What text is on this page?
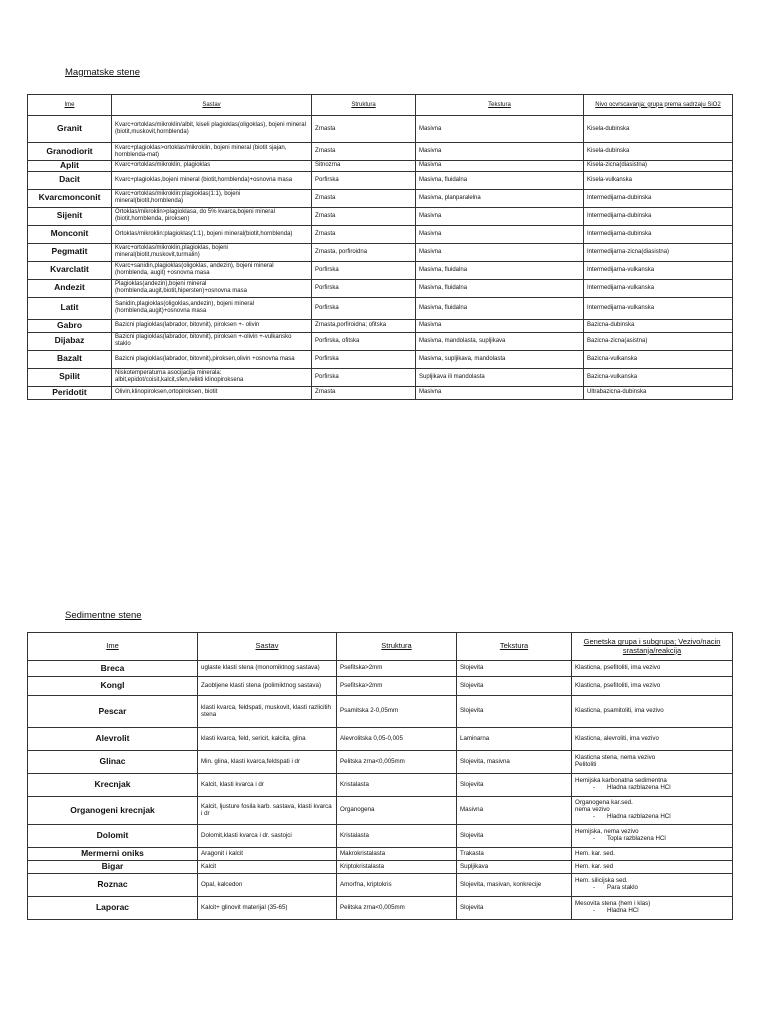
Magmatske stene
Ime	Sastav	Struktura	Tekstura	Nivo ocvrscavanja; grupa prema sadrzaju SiO2
Granit	Kvarc+ortoklas/mikroklin/albit, kiseli plagioklas(oligoklas), bojeni mineral (biotit,muskovit,hornblenda)	Zrnasta	Masivna	Kisela-dubinska
Granodiorit	Kvarc+plagioklas>ortoklas/mikroklin, bojeni mineral (biotit sjajan, hornblenda-mat)	Zrnasta	Masivna	Kisela-dubinska
Aplit	Kvarc+ortoklas/mikroklin, plagioklas	Sitnozrna	Masivna	Kisela-zicna(diasistna)
Dacit	Kvarc+plagioklas,bojeni mineral (biotit,hornblenda)+osnovna masa	Porfirska	Masivna, fluidalna	Kisela-vulkanska
Kvarcmonconit	Kvarc+ortoklas/mikroklin:plagioklas(1:1), bojeni mineral(biotit,hornblenda)	Zrnasta	Masivna, planparalelna	Intermedijarna-dubinska
Sijenit	Ortoklas/mikroklin>plagioklasa, do 5% kvarca,bojeni mineral (biotit,hornblenda, piroksen)	Zrnasta	Masivna	Intermedijarna-dubinska
Monconit	Ortoklas/mikroklin:plagioklas(1:1), bojeni mineral(biotit,hornblenda)	Zrnasta	Masivna	Intermedijarna-dubinska
Pegmatit	Kvarc+ortoklas/mikroklin,plagioklas, bojeni mineral(biotit,muskovit,turmalin)	Zrnasta, porfiroidna	Masivna	Intermedijarna-zicna(diasistna)
Kvarclatit	Kvarc+sanidin,plagioklas(oligoklas, andezin), bojeni mineral (hornblenda, augit) +osnovna masa	Porfirska	Masivna, fluidalna	Intermedijarna-vulkanska
Andezit	Plagioklas(andezin),bojeni mineral (hornblenda,augit,biotit,hipersten)+osnovna masa	Porfirska	Masivna, fluidalna	Intermedijarna-vulkanska
Latit	Sanidin,plagioklas(oligoklas,andezin), bojeni mineral (hornblenda,augit)+osnovna masa	Porfirska	Masivna, fluidalna	Intermedijarna-vulkanska
Gabro	Bazicni plagioklas(labrador, bitovnit), piroksen +- olivin	Zrnasta,porfiroidna; ofitska	Masivna	Bazicna-dubinska
Dijabaz	Bazicni plagioklas(labrador, bitovnit), piroksen +-olivin +-vulkansko staklo	Porfirska, ofitska	Masivna, mandolasta, supljikava	Bazicna-zicna(asistna)
Bazalt	Bazicni plagioklas(labrador, bitovnit),piroksen,olivin +osnovna masa	Porfirska	Masivna, supljikava, mandolasta	Bazicna-vulkanska
Spilit	Niskotemperaturna asocijacija minerala: albit,epidot/coisit,kalcit,sfen,relikti klinopiroksena	Porfirska	Supljikava ili mandolasta	Bazicna-vulkanska
Peridotit	Olivin,klinopiroksen,ortopiroksen, biotit	Zrnasta	Masivna	Ultrabazicna-dubinska
Sedimentne stene
Ime	Sastav	Struktura	Tekstura	Genetska grupa i subgrupa; Vezivo/nacin srastanja/reakcija
Breca	uglaste klasti stena (monomiktnog sastava)	Psefitska>2mm	Slojevita	Klasticna, psefitoliti, ima vezivo

Kongl	Zaobljene klasti stena (polimiktnog sastava)	Psefitska>2mm	Slojevita	Klasticna, psefitoliti, ima vezivo

Pescar	klasti kvarca, feldspati, muskovit, klasti razlicitih stena	Psamitska 2-0,05mm	Slojevita	Klasticna, psamitoliti, ima vezivo

Alevrolit	klasti kvarca, feld, sericit, kalcita, glina	Alevrolitska 0,05-0,005	Laminarna	Klasticna, alevroliti, ima vezivo

Glinac	Min. glina, klasti kvarca,feldspati i dr	Pelitska zrna<0,005mm	Slojevita, masivna	Klasticna stena, nema vezivo
Pelitoliti

Krecnjak	Kalcit, klasti kvarca i dr	Kristalasta	Slojevita	Hemijska karbonatna sedimentna
- Hladna razblazena HCl

Organogeni krecnjak	Kalcit, ljusture fosila karb. sastava, klasti kvarca i dr	Organogena	Masivna	Organogena kar.sed.
nema vezivo
- Hladna razblazena HCl

Dolomit	Dolomit,klasti kvarca i dr. sastojci	Kristalasta	Slojevita	Hemijska, nema vezivo
- Topla razblazena HCl

Mermerni oniks	Aragonit i kalcit	Makrokristalasta	Trakasta	Hem. kar. sed.

Bigar	Kalcit	Kriptokristalasta	Supljikava	Hem. kar. sed

Roznac	Opal, kalcedon	Amorfna, kriptokris	Slojevita, masivan, konkrecije	Hem. silicijska sed.
- Para staklo

Laporac	Kalcit+ glinovit materijal (35-65)	Pelitska zrna<0,005mm	Slojevita	Mesovita stena (hem i klas)
- Hladna HCl
